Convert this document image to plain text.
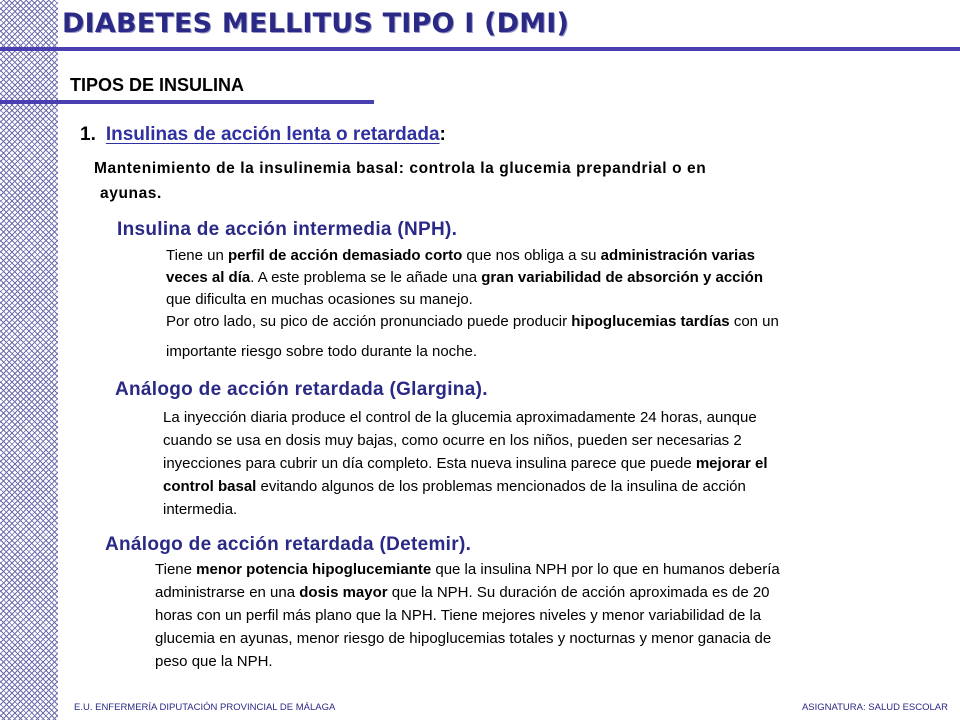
DIABETES MELLITUS TIPO I (DMI)
TIPOS DE INSULINA
1. Insulinas de acción lenta o retardada:
Mantenimiento de la insulinemia basal: controla la glucemia prepandrial o en
ayunas.
Insulina de acción intermedia (NPH).
Tiene un perfil de acción demasiado corto que nos obliga a su administración varias
veces al día. A este problema se le añade una gran variabilidad de absorción y acción
que dificulta en muchas ocasiones su manejo.
Por otro lado, su pico de acción pronunciado puede producir hipoglucemias tardías con un
importante riesgo sobre todo durante la noche.
Análogo de acción retardada (Glargina).
La inyección diaria produce el control de la glucemia aproximadamente 24 horas, aunque
cuando se usa en dosis muy bajas, como ocurre en los niños, pueden ser necesarias 2
inyecciones para cubrir un día completo. Esta nueva insulina parece que puede mejorar el
control basal evitando algunos de los problemas mencionados de la insulina de acción
intermedia.
Análogo de acción retardada (Detemir).
Tiene menor potencia hipoglucemiante que la insulina NPH por lo que en humanos debería
administrarse en una dosis mayor que la NPH. Su duración de acción aproximada es de 20
horas con un perfil más plano que la NPH. Tiene mejores niveles y menor variabilidad de la
glucemia en ayunas, menor riesgo de hipoglucemias totales y nocturnas y menor ganacia de
peso que la NPH.
E.U. ENFERMERÍA DIPUTACIÓN PROVINCIAL DE MÁLAGA	ASIGNATURA: SALUD ESCOLAR
